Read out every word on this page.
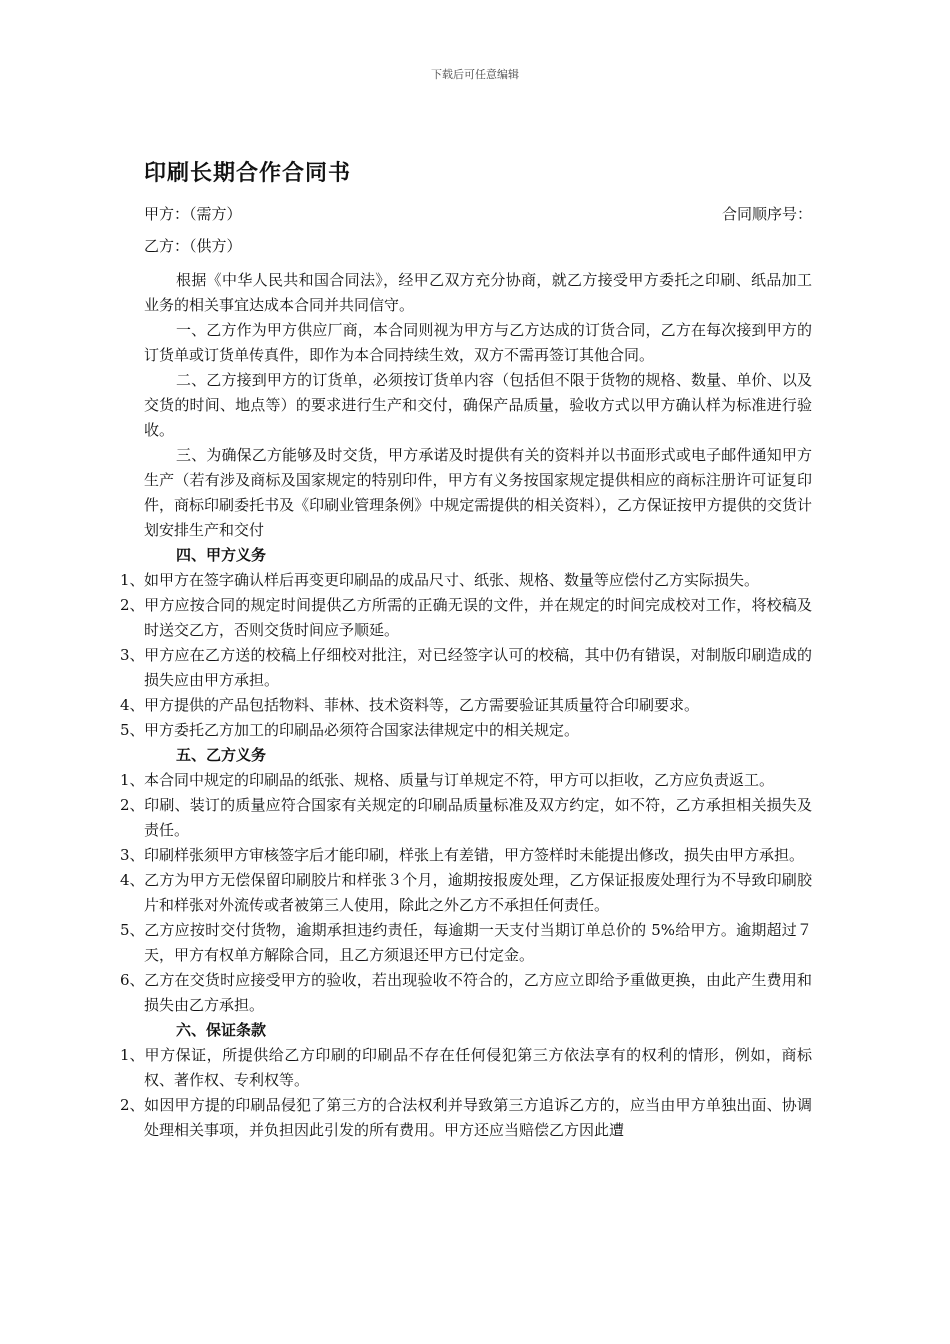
下载后可任意编辑
印刷长期合作合同书
甲方：（需方）	合同顺序号：
乙方：（供方）

根据《中华人民共和国合同法》，经甲乙双方充分协商，就乙方接受甲方委托之印刷、纸品加工业务的相关事宜达成本合同并共同信守。

一、乙方作为甲方供应厂商，本合同则视为甲方与乙方达成的订货合同，乙方在每次接到甲方的订货单或订货单传真件，即作为本合同持续生效，双方不需再签订其他合同。

二、乙方接到甲方的订货单，必须按订货单内容（包括但不限于货物的规格、数量、单价、以及交货的时间、地点等）的要求进行生产和交付，确保产品质量，验收方式以甲方确认样为标准进行验收。

三、为确保乙方能够及时交货，甲方承诺及时提供有关的资料并以书面形式或电子邮件通知甲方生产（若有涉及商标及国家规定的特别印件，甲方有义务按国家规定提供相应的商标注册许可证复印件，商标印刷委托书及《印刷业管理条例》中规定需提供的相关资料），乙方保证按甲方提供的交货计划安排生产和交付

四、甲方义务
1、如甲方在签字确认样后再变更印刷品的成品尺寸、纸张、规格、数量等应偿付乙方实际损失。
2、甲方应按合同的规定时间提供乙方所需的正确无误的文件，并在规定的时间完成校对工作，将校稿及时送交乙方，否则交货时间应予顺延。
3、甲方应在乙方送的校稿上仔细校对批注，对已经签字认可的校稿，其中仍有错误，对制版印刷造成的损失应由甲方承担。
4、甲方提供的产品包括物料、菲林、技术资料等，乙方需要验证其质量符合印刷要求。
5、甲方委托乙方加工的印刷品必须符合国家法律规定中的相关规定。
五、乙方义务
1、本合同中规定的印刷品的纸张、规格、质量与订单规定不符，甲方可以拒收，乙方应负责返工。
2、印刷、装订的质量应符合国家有关规定的印刷品质量标准及双方约定，如不符，乙方承担相关损失及责任。
3、印刷样张须甲方审核签字后才能印刷，样张上有差错，甲方签样时未能提出修改，损失由甲方承担。
4、乙方为甲方无偿保留印刷胶片和样张３个月，逾期按报废处理，乙方保证报废处理行为不导致印刷胶片和样张对外流传或者被第三人使用，除此之外乙方不承担任何责任。
5、乙方应按时交付货物，逾期承担违约责任，每逾期一天支付当期订单总价的 5%给甲方。逾期超过７天，甲方有权单方解除合同，且乙方须退还甲方已付定金。
6、乙方在交货时应接受甲方的验收，若出现验收不符合的，乙方应立即给予重做更换，由此产生费用和损失由乙方承担。
六、保证条款
1、甲方保证，所提供给乙方印刷的印刷品不存在任何侵犯第三方依法享有的权利的情形，例如，商标权、著作权、专利权等。
2、如因甲方提的印刷品侵犯了第三方的合法权利并导致第三方追诉乙方的，应当由甲方单独出面、协调处理相关事项，并负担因此引发的所有费用。甲方还应当赔偿乙方因此遭
